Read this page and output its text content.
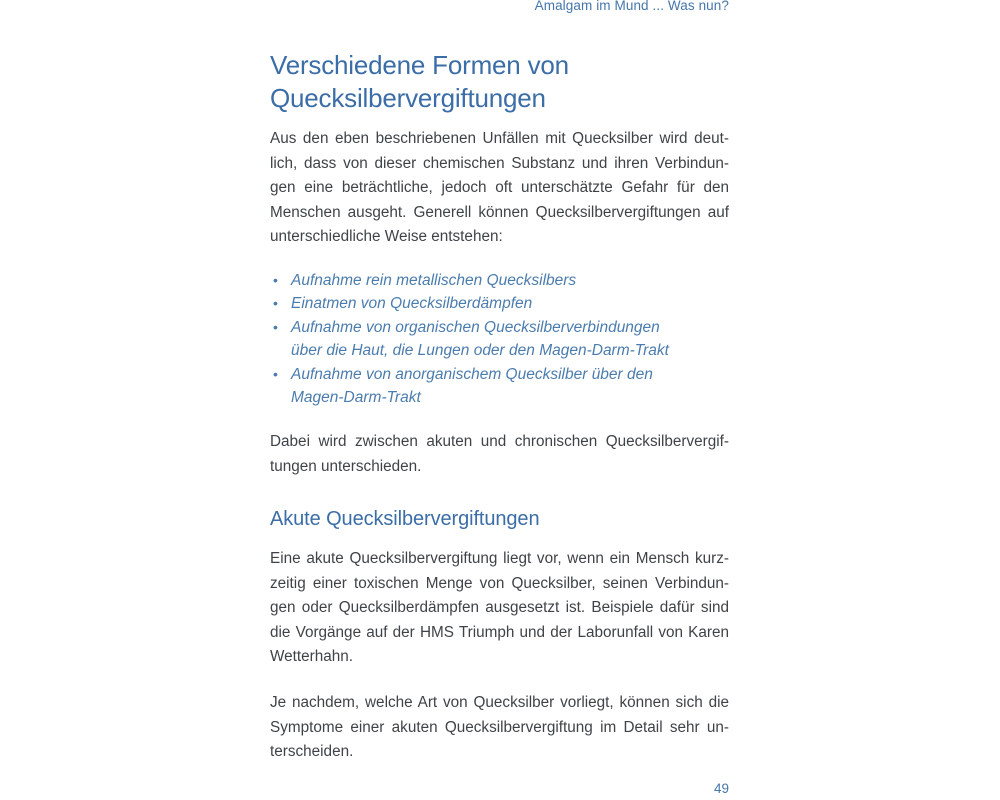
Amalgam im Mund ... Was nun?
Verschiedene Formen von
Quecksilbervergiftungen

Aus den eben beschriebenen Unfällen mit Quecksilber wird deut-
lich, dass von dieser chemischen Substanz und ihren Verbindun-
gen eine beträchtliche, jedoch oft unterschätzte Gefahr für den
Menschen ausgeht. Generell können Quecksilbervergiftungen auf
unterschiedliche Weise entstehen:

• Aufnahme rein metallischen Quecksilbers
• Einatmen von Quecksilberdämpfen
• Aufnahme von organischen Quecksilberverbindungen
über die Haut, die Lungen oder den Magen-Darm-Trakt
• Aufnahme von anorganischem Quecksilber über den
Magen-Darm-Trakt

Dabei wird zwischen akuten und chronischen Quecksilbervergif-
tungen unterschieden.

Akute Quecksilbervergiftungen

Eine akute Quecksilbervergiftung liegt vor, wenn ein Mensch kurz-
zeitig einer toxischen Menge von Quecksilber, seinen Verbindun-
gen oder Quecksilberdämpfen ausgesetzt ist. Beispiele dafür sind
die Vorgänge auf der HMS Triumph und der Laborunfall von Karen
Wetterhahn.

Je nachdem, welche Art von Quecksilber vorliegt, können sich die
Symptome einer akuten Quecksilbervergiftung im Detail sehr un-
terscheiden.

49
